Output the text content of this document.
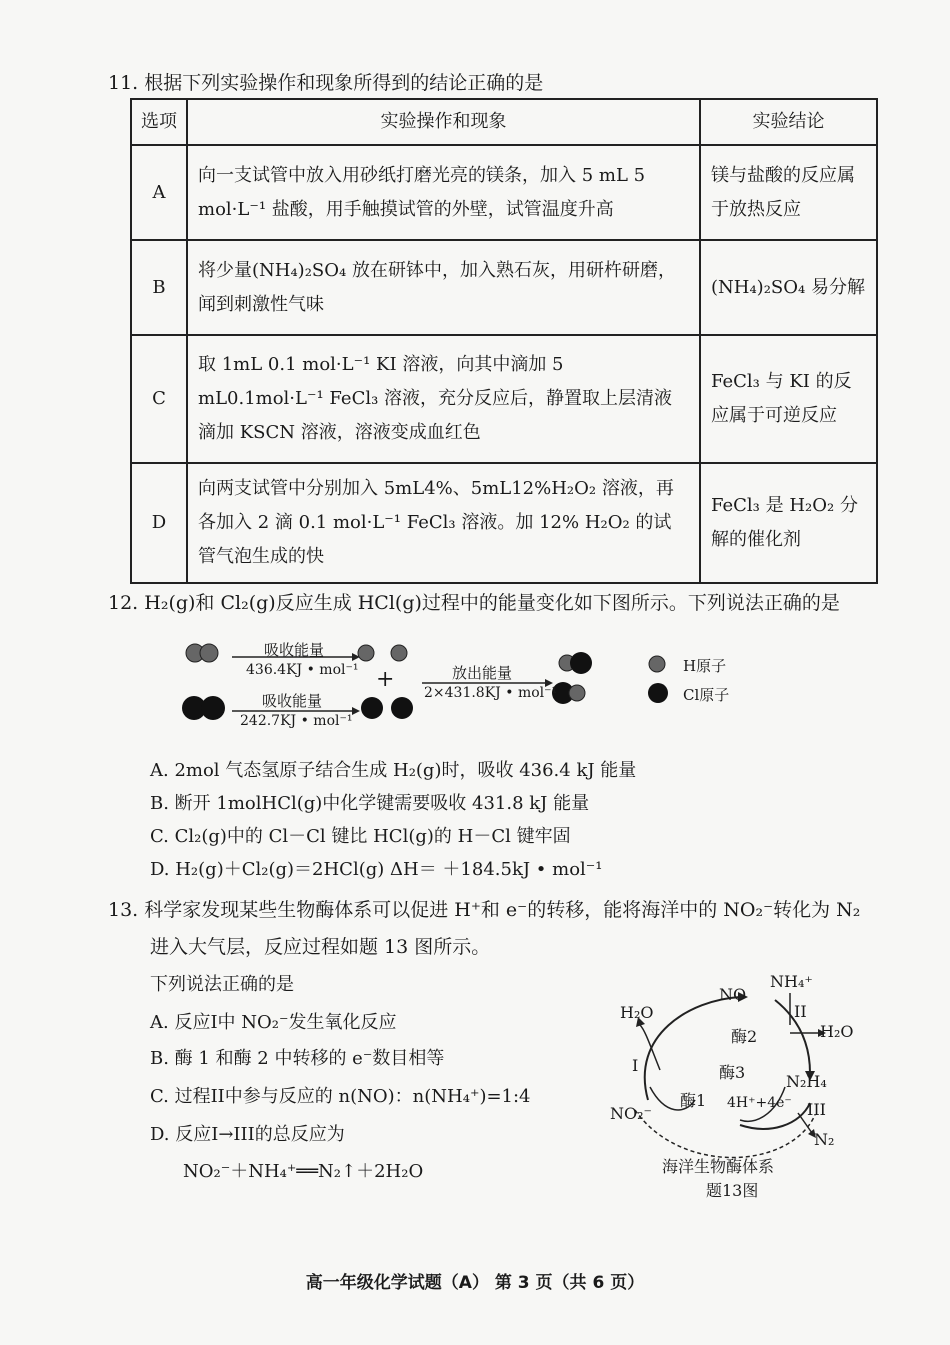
11. 根据下列实验操作和现象所得到的结论正确的是
选项	实验操作和现象	实验结论
A	向一支试管中放入用砂纸打磨光亮的镁条，加入 5 mL 5 mol·L⁻¹ 盐酸，用手触摸试管的外壁，试管温度升高	镁与盐酸的反应属于放热反应
B	将少量(NH₄)₂SO₄ 放在研钵中，加入熟石灰，用研杵研磨，闻到刺激性气味	(NH₄)₂SO₄ 易分解
C	取 1mL 0.1 mol·L⁻¹ KI 溶液，向其中滴加 5 mL0.1mol·L⁻¹ FeCl₃ 溶液，充分反应后，静置取上层清液滴加 KSCN 溶液，溶液变成血红色	FeCl₃ 与 KI 的反应属于可逆反应
D	向两支试管中分别加入 5mL4%、5mL12%H₂O₂ 溶液，再各加入 2 滴 0.1 mol·L⁻¹ FeCl₃ 溶液。加 12% H₂O₂ 的试管气泡生成的快	FeCl₃ 是 H₂O₂ 分解的催化剂
12. H₂(g)和 Cl₂(g)反应生成 HCl(g)过程中的能量变化如下图所示。下列说法正确的是
吸收能量
436.4KJ • mol⁻¹
吸收能量
242.7KJ • mol⁻¹
+	放出能量
2×431.8KJ • mol⁻¹
H原子
Cl原子
A. 2mol 气态氢原子结合生成 H₂(g)时，吸收 436.4 kJ 能量
B. 断开 1molHCl(g)中化学键需要吸收 431.8 kJ 能量
C. Cl₂(g)中的 Cl－Cl 键比 HCl(g)的 H－Cl 键牢固
D. H₂(g)＋Cl₂(g)＝2HCl(g) ΔH＝ ＋184.5kJ • mol⁻¹
13. 科学家发现某些生物酶体系可以促进 H⁺和 e⁻的转移，能将海洋中的 NO₂⁻转化为 N₂
进入大气层，反应过程如题 13 图所示。
下列说法正确的是
A. 反应I中 NO₂⁻发生氧化反应
B. 酶 1 和酶 2 中转移的 e⁻数目相等
C. 过程II中参与反应的 n(NO)：n(NH₄⁺)=1:4
D. 反应I→III的总反应为
NO₂⁻＋NH₄⁺══N₂↑＋2H₂O
H₂O
NO
NH₄⁺
II
H₂O
酶2
酶3	N₂H₄
I
酶1 4H⁺+4e⁻ III
NO₂⁻
N₂
海洋生物酶体系
题13图
高一年级化学试题（A） 第 3 页（共 6 页）
